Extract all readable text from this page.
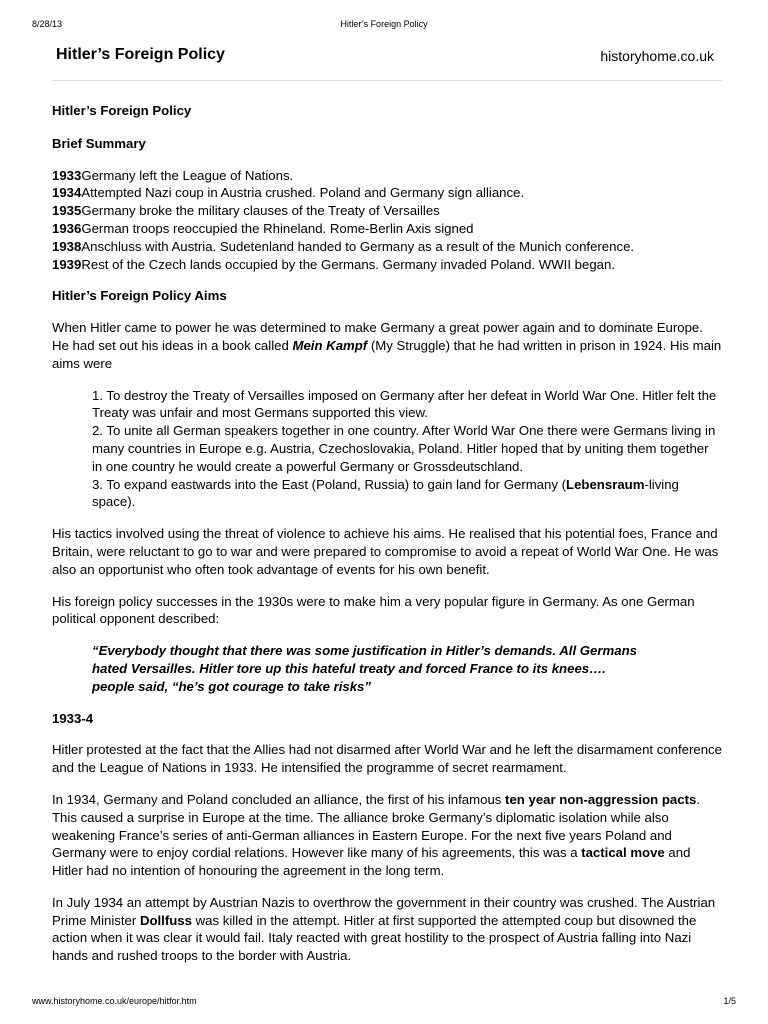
8/28/13	Hitler’s Foreign Policy
Hitler’s Foreign Policy	historyhome.co.uk

Hitler’s Foreign Policy

Brief Summary

1933Germany left the League of Nations.
1934Attempted Nazi coup in Austria crushed. Poland and Germany sign alliance.
1935Germany broke the military clauses of the Treaty of Versailles
1936German troops reoccupied the Rhineland. Rome-Berlin Axis signed
1938Anschluss with Austria. Sudetenland handed to Germany as a result of the Munich conference.
1939Rest of the Czech lands occupied by the Germans. Germany invaded Poland. WWII began.

Hitler’s Foreign Policy Aims

When Hitler came to power he was determined to make Germany a great power again and to dominate Europe. He had set out his ideas in a book called Mein Kampf (My Struggle) that he had written in prison in 1924. His main aims were

1. To destroy the Treaty of Versailles imposed on Germany after her defeat in World War One. Hitler felt the Treaty was unfair and most Germans supported this view.
2. To unite all German speakers together in one country. After World War One there were Germans living in many countries in Europe e.g. Austria, Czechoslovakia, Poland. Hitler hoped that by uniting them together in one country he would create a powerful Germany or Grossdeutschland.
3. To expand eastwards into the East (Poland, Russia) to gain land for Germany (Lebensraum-living space).

His tactics involved using the threat of violence to achieve his aims. He realised that his potential foes, France and Britain, were reluctant to go to war and were prepared to compromise to avoid a repeat of World War One. He was also an opportunist who often took advantage of events for his own benefit.

His foreign policy successes in the 1930s were to make him a very popular figure in Germany. As one German political opponent described:

“Everybody thought that there was some justification in Hitler’s demands. All Germans
hated Versailles. Hitler tore up this hateful treaty and forced France to its knees….
people said, “he’s got courage to take risks”

1933-4

Hitler protested at the fact that the Allies had not disarmed after World War and he left the disarmament conference and the League of Nations in 1933. He intensified the programme of secret rearmament.

In 1934, Germany and Poland concluded an alliance, the first of his infamous ten year non-aggression pacts. This caused a surprise in Europe at the time. The alliance broke Germany’s diplomatic isolation while also weakening France’s series of anti-German alliances in Eastern Europe. For the next five years Poland and Germany were to enjoy cordial relations. However like many of his agreements, this was a tactical move and Hitler had no intention of honouring the agreement in the long term.

In July 1934 an attempt by Austrian Nazis to overthrow the government in their country was crushed. The Austrian Prime Minister Dollfuss was killed in the attempt. Hitler at first supported the attempted coup but disowned the action when it was clear it would fail. Italy reacted with great hostility to the prospect of Austria falling into Nazi hands and rushed troops to the border with Austria.

www.historyhome.co.uk/europe/hitfor.htm	1/5
